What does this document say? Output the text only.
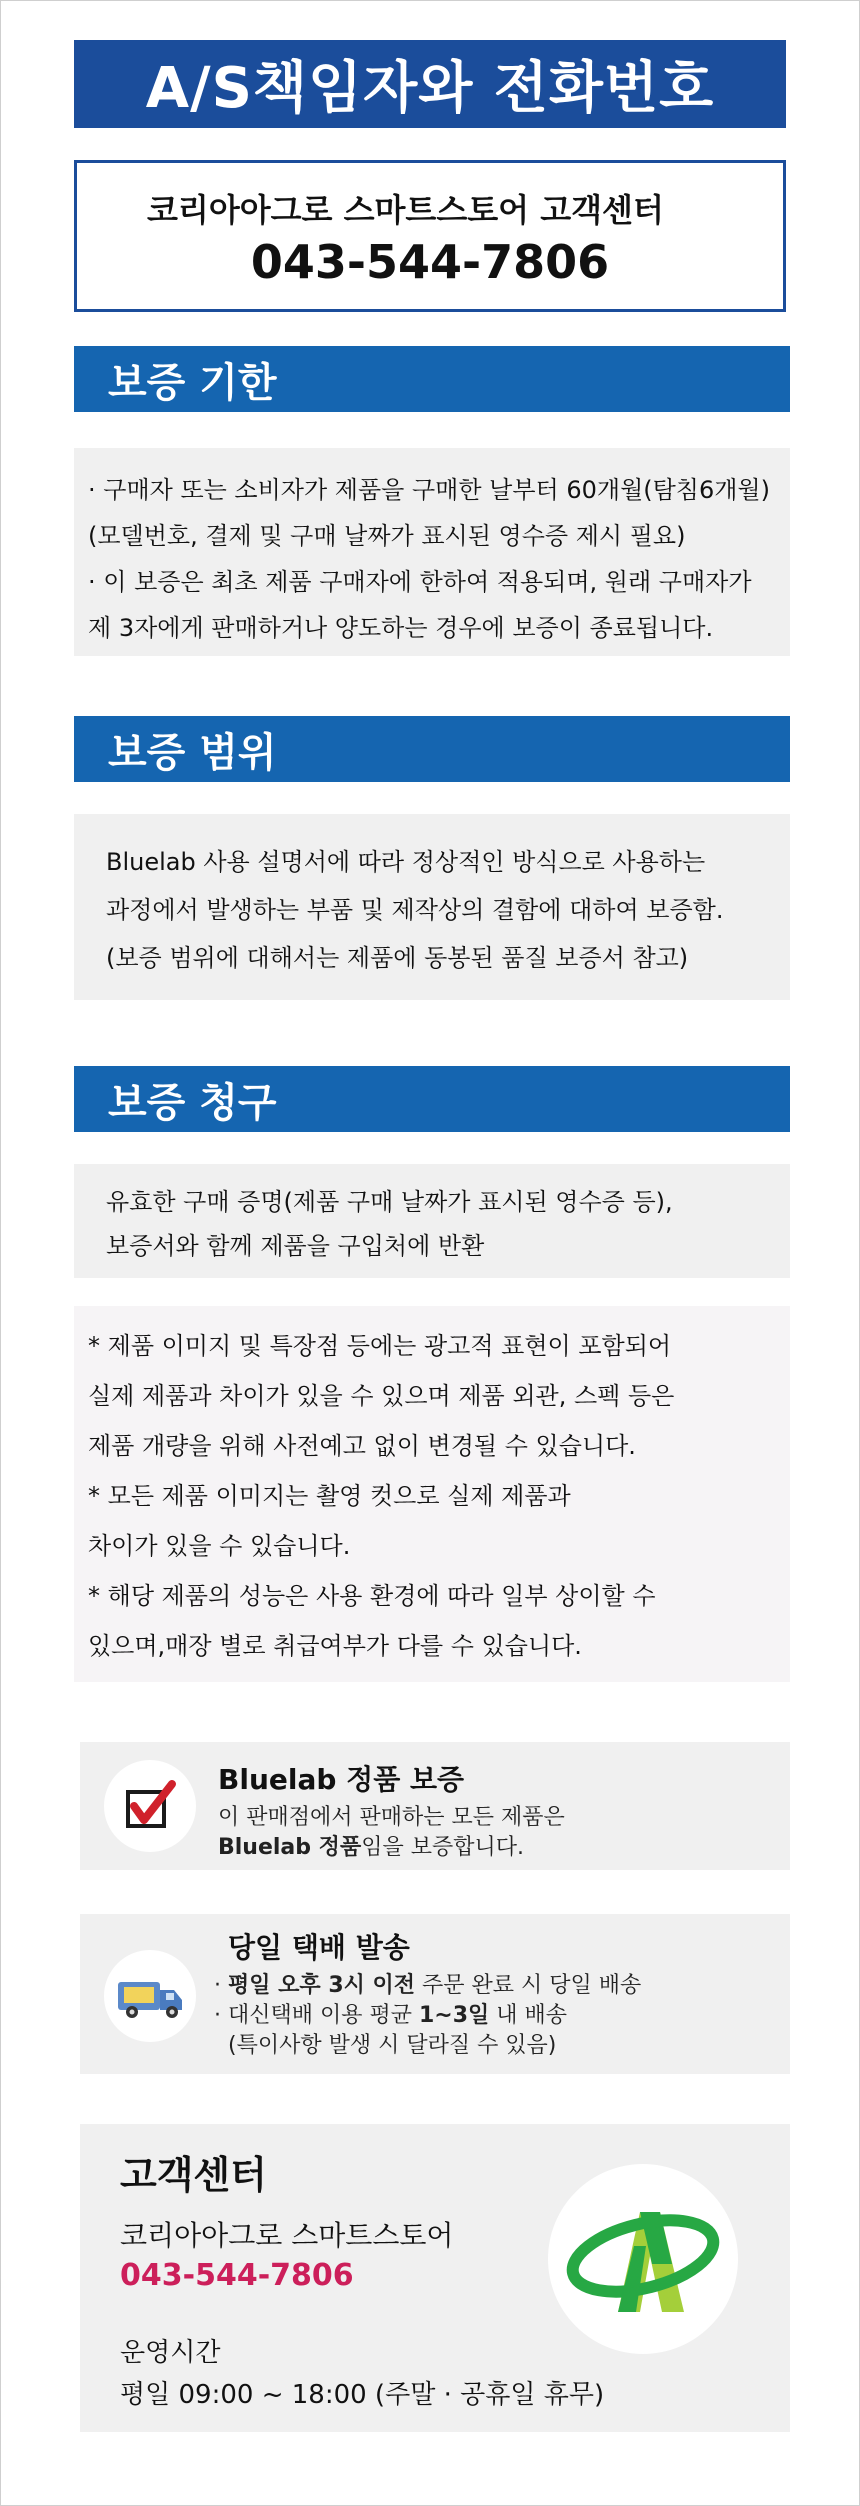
A/S책임자와 전화번호
코리아아그로 스마트스토어 고객센터
043-544-7806
보증 기한
· 구매자 또는 소비자가 제품을 구매한 날부터 60개월(탐침6개월)
(모델번호, 결제 및 구매 날짜가 표시된 영수증 제시 필요)
· 이 보증은 최초 제품 구매자에 한하여 적용되며, 원래 구매자가
제 3자에게 판매하거나 양도하는 경우에 보증이 종료됩니다.
보증 범위
Bluelab 사용 설명서에 따라 정상적인 방식으로 사용하는
과정에서 발생하는 부품 및 제작상의 결함에 대하여 보증함.
(보증 범위에 대해서는 제품에 동봉된 품질 보증서 참고)
보증 청구
유효한 구매 증명(제품 구매 날짜가 표시된 영수증 등),
보증서와 함께 제품을 구입처에 반환
* 제품 이미지 및 특장점 등에는 광고적 표현이 포함되어
실제 제품과 차이가 있을 수 있으며 제품 외관, 스펙 등은
제품 개량을 위해 사전예고 없이 변경될 수 있습니다.
* 모든 제품 이미지는 촬영 컷으로 실제 제품과
차이가 있을 수 있습니다.
* 해당 제품의 성능은 사용 환경에 따라 일부 상이할 수
있으며,매장 별로 취급여부가 다를 수 있습니다.
Bluelab 정품 보증
이 판매점에서 판매하는 모든 제품은
Bluelab 정품임을 보증합니다.
당일 택배 발송
· 평일 오후 3시 이전 주문 완료 시 당일 배송
· 대신택배 이용 평균 1~3일 내 배송
(특이사항 발생 시 달라질 수 있음)
고객센터
코리아아그로 스마트스토어
043-544-7806
운영시간
평일 09:00 ~ 18:00 (주말 · 공휴일 휴무)
